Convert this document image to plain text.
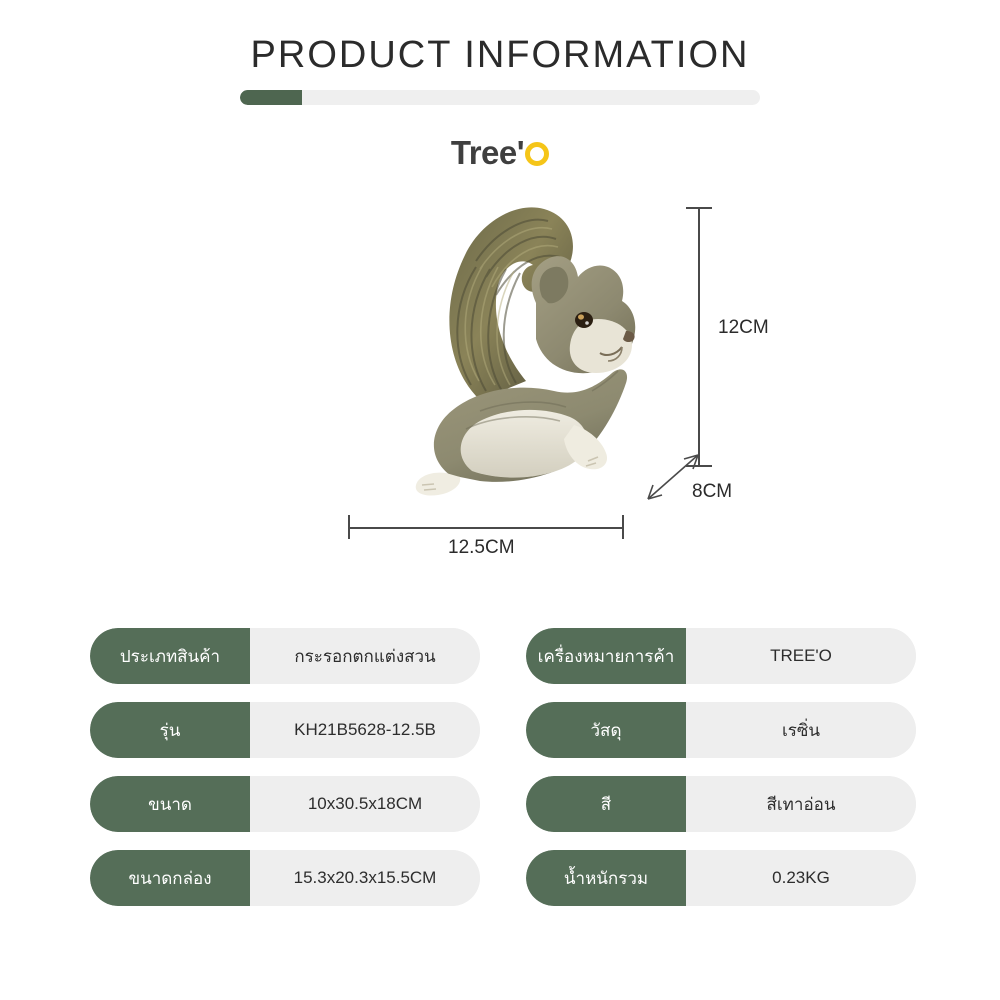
PRODUCT INFORMATION
Tree'
12CM
8CM
12.5CM
ประเภทสินค้า	กระรอกตกแต่งสวน	เครื่องหมายการค้า	TREE'O
รุ่น	KH21B5628-12.5B	วัสดุ	เรซิ่น
ขนาด	10x30.5x18CM	สี	สีเทาอ่อน
ขนาดกล่อง	15.3x20.3x15.5CM	น้ำหนักรวม	0.23KG
